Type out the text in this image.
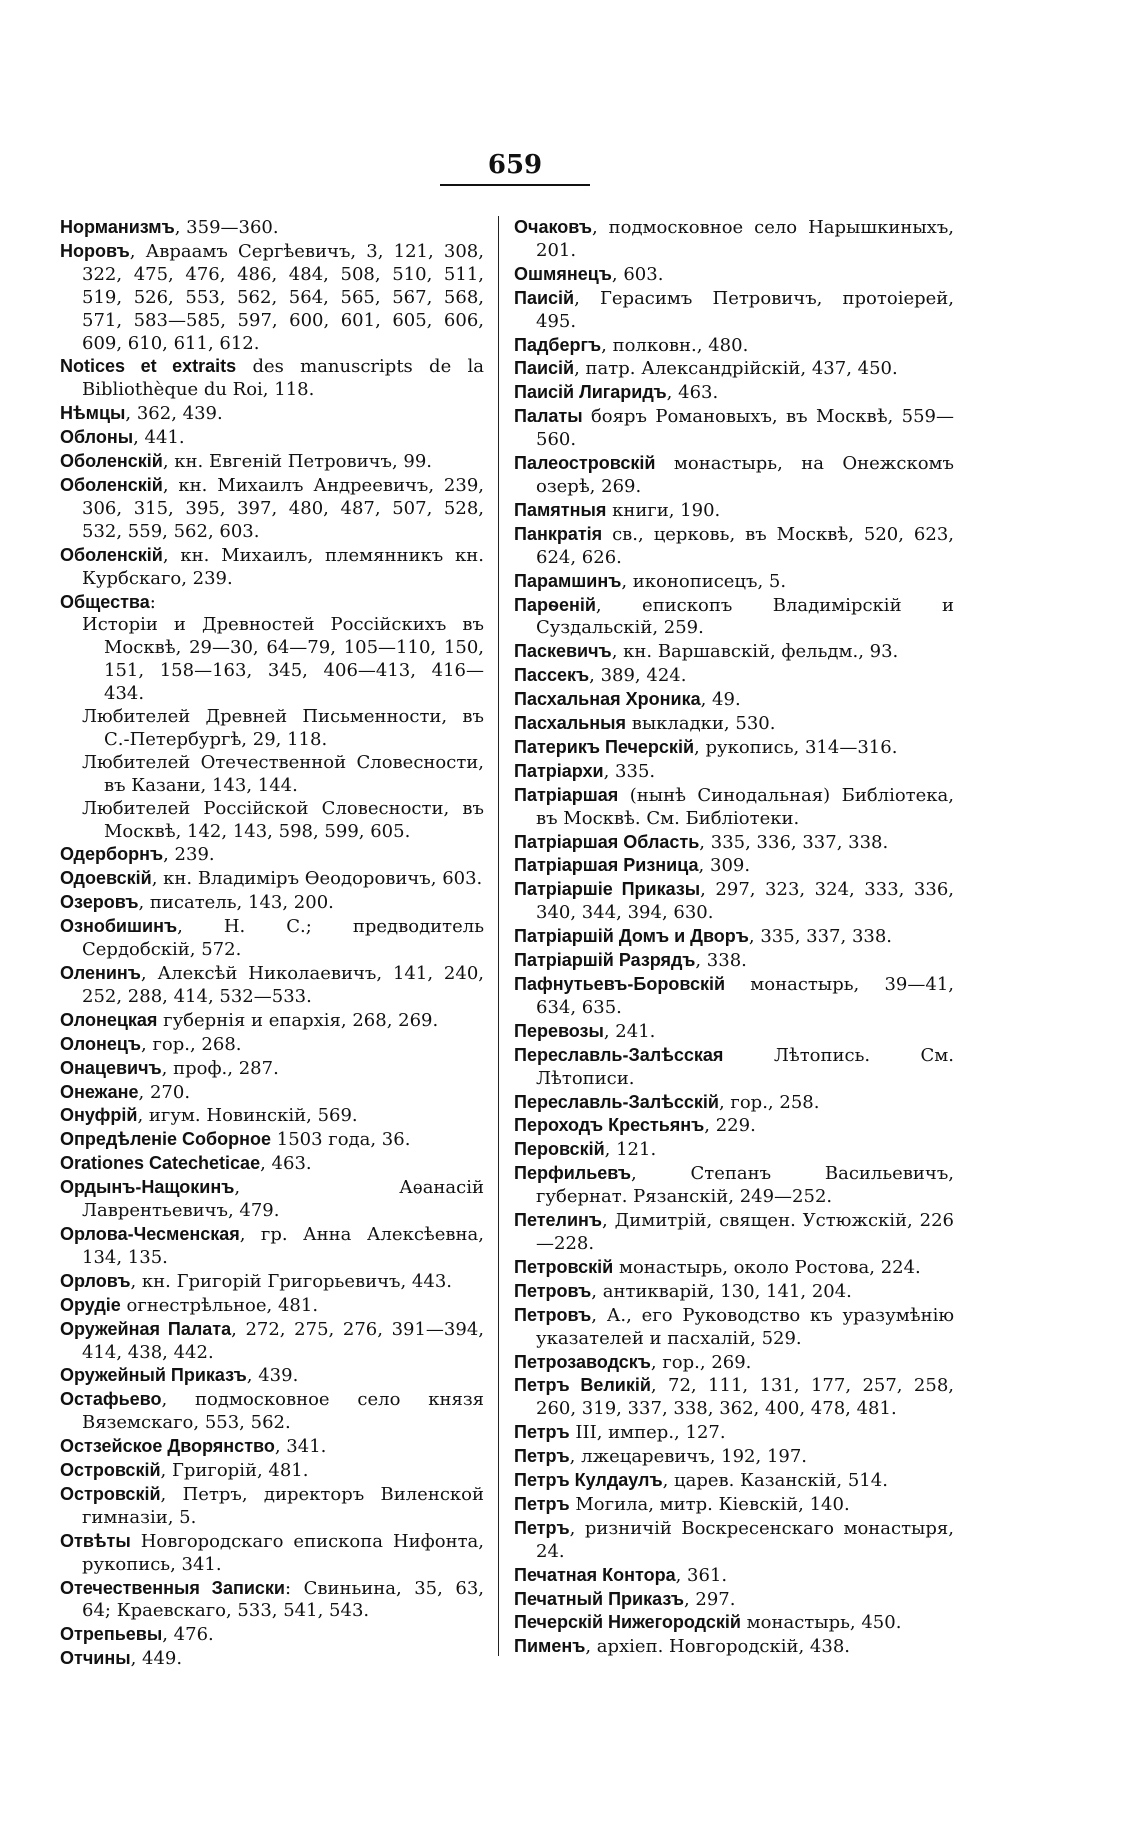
659

Норманизмъ, 359—360.

Норовъ, Авраамъ Сергѣевичъ, 3, 121, 308, 322, 475, 476, 486, 484, 508, 510, 511, 519, 526, 553, 562, 564, 565, 567, 568, 571, 583—585, 597, 600, 601, 605, 606, 609, 610, 611, 612.

Notices et extraits des manuscripts de la Bibliothèque du Roi, 118.

Нѣмцы, 362, 439.

Облоны, 441.

Оболенскій, кн. Евгеній Петровичъ, 99.

Оболенскій, кн. Михаилъ Андреевичъ, 239, 306, 315, 395, 397, 480, 487, 507, 528, 532, 559, 562, 603.

Оболенскій, кн. Михаилъ, племянникъ кн. Курбскаго, 239.

Общества:

Исторіи и Древностей Россійскихъ въ Москвѣ, 29—30, 64—79, 105—110, 150, 151, 158—163, 345, 406—413, 416—434.

Любителей Древней Письменности, въ С.-Петербургѣ, 29, 118.

Любителей Отечественной Словесности, въ Казани, 143, 144.

Любителей Россійской Словесности, въ Москвѣ, 142, 143, 598, 599, 605.

Одерборнъ, 239.

Одоевскій, кн. Владиміръ Ѳеодоровичъ, 603.

Озеровъ, писатель, 143, 200.

Ознобишинъ, Н. С.; предводитель Сердобскій, 572.

Оленинъ, Алексѣй Николаевичъ, 141, 240, 252, 288, 414, 532—533.

Олонецкая губернія и епархія, 268, 269.

Олонецъ, гор., 268.

Онацевичъ, проф., 287.

Онежане, 270.

Онуфрій, игум. Новинскій, 569.

Опредѣленіе Соборное 1503 года, 36.

Orationes Catecheticae, 463.

Ордынъ-Нащокинъ, Аѳанасій Лаврентьевичъ, 479.

Орлова-Чесменская, гр. Анна Алексѣевна, 134, 135.

Орловъ, кн. Григорій Григорьевичъ, 443.

Орудіе огнестрѣльное, 481.

Оружейная Палата, 272, 275, 276, 391—394, 414, 438, 442.

Оружейный Приказъ, 439.

Остафьево, подмосковное село князя Вяземскаго, 553, 562.

Остзейское Дворянство, 341.

Островскій, Григорій, 481.

Островскій, Петръ, директоръ Виленской гимназіи, 5.

Отвѣты Новгородскаго епископа Нифонта, рукопись, 341.

Отечественныя Записки: Свиньина, 35, 63, 64; Краевскаго, 533, 541, 543.

Отрепьевы, 476.

Отчины, 449.

Очаковъ, подмосковное село Нарышкиныхъ, 201.

Ошмянецъ, 603.

Паисій, Герасимъ Петровичъ, протоіерей, 495.

Падбергъ, полковн., 480.

Паисій, патр. Александрійскій, 437, 450.

Паисій Лигаридъ, 463.

Палаты бояръ Романовыхъ, въ Москвѣ, 559—560.

Палеостровскій монастырь, на Онежскомъ озерѣ, 269.

Памятныя книги, 190.

Панкратія св., церковь, въ Москвѣ, 520, 623, 624, 626.

Парамшинъ, иконописецъ, 5.

Парѳеній, епископъ Владимірскій и Суздальскій, 259.

Паскевичъ, кн. Варшавскій, фельдм., 93.

Пассекъ, 389, 424.

Пасхальная Хроника, 49.

Пасхальныя выкладки, 530.

Патерикъ Печерскій, рукопись, 314—316.

Патріархи, 335.

Патріаршая (нынѣ Синодальная) Библіотека, въ Москвѣ. См. Библіотеки.

Патріаршая Область, 335, 336, 337, 338.

Патріаршая Ризница, 309.

Патріаршіе Приказы, 297, 323, 324, 333, 336, 340, 344, 394, 630.

Патріаршій Домъ и Дворъ, 335, 337, 338.

Патріаршій Разрядъ, 338.

Пафнутьевъ-Боровскій монастырь, 39—41, 634, 635.

Перевозы, 241.

Переславль-Залѣсская Лѣтопись. См. Лѣтописи.

Переславль-Залѣсскій, гор., 258.

Пероходъ Крестьянъ, 229.

Перовскій, 121.

Перфильевъ, Степанъ Васильевичъ, губернат. Рязанскій, 249—252.

Петелинъ, Димитрій, священ. Устюжскій, 226—228.

Петровскій монастырь, около Ростова, 224.

Петровъ, антикварій, 130, 141, 204.

Петровъ, А., его Руководство къ уразумѣнію указателей и пасхалій, 529.

Петрозаводскъ, гор., 269.

Петръ Великій, 72, 111, 131, 177, 257, 258, 260, 319, 337, 338, 362, 400, 478, 481.

Петръ III, импер., 127.

Петръ, лжецаревичъ, 192, 197.

Петръ Кулдаулъ, царев. Казанскій, 514.

Петръ Могила, митр. Кіевскій, 140.

Петръ, ризничій Воскресенскаго монастыря, 24.

Печатная Контора, 361.

Печатный Приказъ, 297.

Печерскій Нижегородскій монастырь, 450.

Пименъ, архіеп. Новгородскій, 438.
